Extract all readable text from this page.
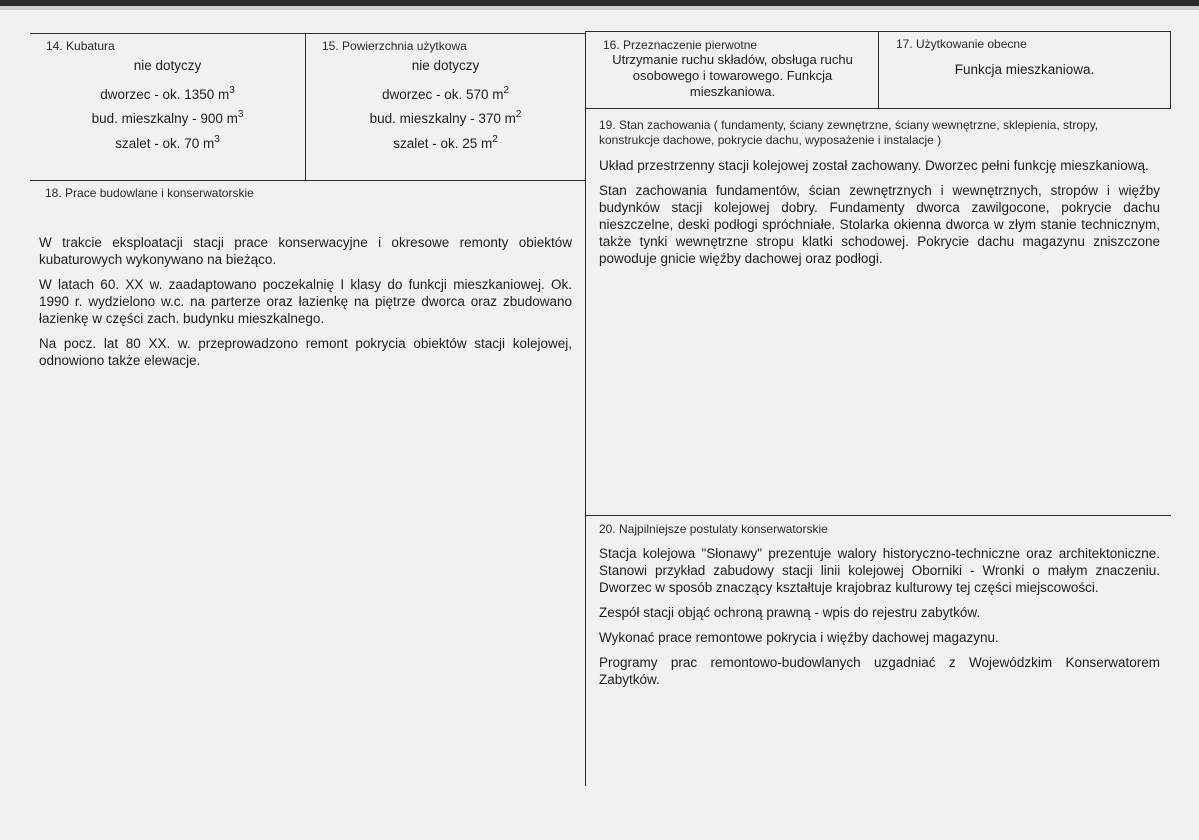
14. Kubatura
nie dotyczy
dworzec - ok. 1350 $m^3$
bud. mieszkalny - 900 $m^3$
szalet - ok. 70 $m^3$
15. Powierzchnia użytkowa
nie dotyczy
dworzec - ok. 570 $m^2$
bud. mieszkalny - 370 $m^2$
szalet - ok. 25 $m^2$
16. Przeznaczenie pierwotne
Utrzymanie ruchu składów, obsługa ruchu osobowego i towarowego. Funkcja mieszkaniowa.
17. Użytkowanie obecne
Funkcja mieszkaniowa.
18. Prace budowlane i konserwatorskie

W trakcie eksploatacji stacji prace konserwacyjne i okresowe remonty obiektów kubaturowych wykonywano na bieżąco.

W latach 60. XX w. zaadaptowano poczekalnię I klasy do funkcji mieszkaniowej. Ok. 1990 r. wydzielono w.c. na parterze oraz łazienkę na piętrze dworca oraz zbudowano łazienkę w części zach. budynku mieszkalnego.

Na pocz. lat 80 XX. w. przeprowadzono remont pokrycia obiektów stacji kolejowej, odnowiono także elewacje.

19. Stan zachowania ( fundamenty, ściany zewnętrzne, ściany wewnętrzne, sklepienia, stropy, konstrukcje dachowe, pokrycie dachu, wyposażenie i instalacje )

Układ przestrzenny stacji kolejowej został zachowany. Dworzec pełni funkcję mieszkaniową.

Stan zachowania fundamentów, ścian zewnętrznych i wewnętrznych, stropów i więźby budynków stacji kolejowej dobry. Fundamenty dworca zawilgocone, pokrycie dachu nieszczelne, deski podłogi spróchniałe. Stolarka okienna dworca w złym stanie technicznym, także tynki wewnętrzne stropu klatki schodowej. Pokrycie dachu magazynu zniszczone powoduje gnicie więźby dachowej oraz podłogi.

20. Najpilniejsze postulaty konserwatorskie

Stacja kolejowa "Słonawy" prezentuje walory historyczno-techniczne oraz architektoniczne. Stanowi przykład zabudowy stacji linii kolejowej Oborniki - Wronki o małym znaczeniu. Dworzec w sposób znaczący kształtuje krajobraz kulturowy tej części miejscowości.

Zespół stacji objąć ochroną prawną - wpis do rejestru zabytków.

Wykonać prace remontowe pokrycia i więźby dachowej magazynu.

Programy prac remontowo-budowlanych uzgadniać z Wojewódzkim Konserwatorem Zabytków.
